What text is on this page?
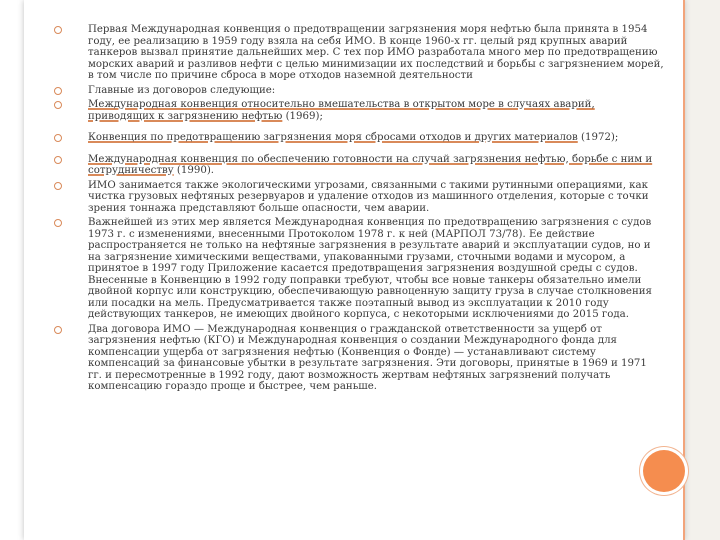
Первая Международная конвенция о предотвращении загрязнения моря нефтью была принята в 1954 году, ее реализацию в 1959 году взяла на себя ИМО. В конце 1960-х гг. целый ряд крупных аварий танкеров вызвал принятие дальнейших мер. С тех пор ИМО разработала много мер по предотвращению морских аварий и разливов нефти с целью минимизации их последствий и борьбы с загрязнением морей, в том числе по причине сброса в море отходов наземной деятельности
Главные из договоров следующие:
Международная конвенция относительно вмешательства в открытом море в случаях аварий, приводящих к загрязнению нефтью (1969);
Конвенция по предотвращению загрязнения моря сбросами отходов и других материалов (1972);
Международная конвенция по обеспечению готовности на случай загрязнения нефтью, борьбе с ним и сотрудничеству (1990).
ИМО занимается также экологическими угрозами, связанными с такими рутинными операциями, как чистка грузовых нефтяных резервуаров и удаление отходов из машинного отделения, которые с точки зрения тоннажа представляют больше опасности, чем аварии.
Важнейшей из этих мер является Международная конвенция по предотвращению загрязнения с судов 1973 г. с изменениями, внесенными Протоколом 1978 г. к ней (МАРПОЛ 73/78). Ее действие распространяется не только на нефтяные загрязнения в результате аварий и эксплуатации судов, но и на загрязнение химическими веществами, упакованными грузами, сточными водами и мусором, а принятое в 1997 году Приложение касается предотвращения загрязнения воздушной среды с судов. Внесенные в Конвенцию в 1992 году поправки требуют, чтобы все новые танкеры обязательно имели двойной корпус или конструкцию, обеспечивающую равноценную защиту груза в случае столкновения или посадки на мель. Предусматривается также поэтапный вывод из эксплуатации к 2010 году действующих танкеров, не имеющих двойного корпуса, с некоторыми исключениями до 2015 года.
Два договора ИМО — Международная конвенция о гражданской ответственности за ущерб от загрязнения нефтью (КГО) и Международная конвенция о создании Международного фонда для компенсации ущерба от загрязнения нефтью (Конвенция о Фонде) — устанавливают систему компенсаций за финансовые убытки в результате загрязнения. Эти договоры, принятые в 1969 и 1971 гг. и пересмотренные в 1992 году, дают возможность жертвам нефтяных загрязнений получать компенсацию гораздо проще и быстрее, чем раньше.
